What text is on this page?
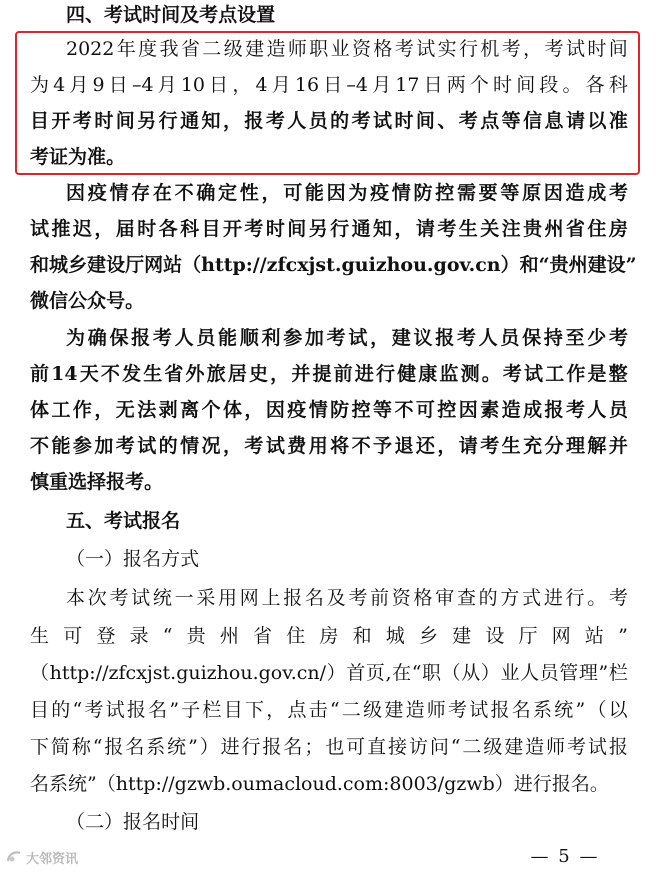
— 5 —
大邻资讯
四 、 考 试 时 间 及 考 点 设 置
2022 年 度 我 省 二 级 建 造 师 职 业 资 格 考 试 实 行 机 考 ， 考 试 时 间
为 4 月 9 日 –4 月 10 日 ， 4 月 16 日 –4 月 17 日 两 个 时 间 段 。 各 科
目 开 考 时 间 另 行 通 知 ， 报 考 人 员 的 考 试 时 间 、 考 点 等 信 息 请 以 准
考 证 为 准 。
因 疫 情 存 在 不 确 定 性 ， 可 能 因 为 疫 情 防 控 需 要 等 原 因 造 成 考
试 推 迟 ， 届 时 各 科 目 开 考 时 间 另 行 通 知 ， 请 考 生 关 注 贵 州 省 住 房
和 城 乡 建 设 厅 网 站 （ http://zfcxjst.guizhou.gov.cn ） 和 “ 贵 州 建 设 ”
微 信 公 众 号 。
为 确 保 报 考 人 员 能 顺 利 参 加 考 试 ， 建 议 报 考 人 员 保 持 至 少 考
前 14 天 不 发 生 省 外 旅 居 史 ， 并 提 前 进 行 健 康 监 测 。 考 试 工 作 是 整
体 工 作 ， 无 法 剥 离 个 体 ， 因 疫 情 防 控 等 不 可 控 因 素 造 成 报 考 人 员
不 能 参 加 考 试 的 情 况 ， 考 试 费 用 将 不 予 退 还 ， 请 考 生 充 分 理 解 并
慎 重 选 择 报 考 。
五 、 考 试 报 名
（ 一 ） 报 名 方 式
本 次 考 试 统 一 采 用 网 上 报 名 及 考 前 资 格 审 查 的 方 式 进 行 。 考
生 可 登 录 “ 贵 州 省 住 房 和 城 乡 建 设 厅 网 站 ”
（ http://zfcxjst.guizhou.gov.cn/ ） 首 页 , 在 “ 职 （ 从 ） 业 人 员 管 理 ” 栏
目 的 “ 考 试 报 名 ” 子 栏 目 下 ， 点 击 “ 二 级 建 造 师 考 试 报 名 系 统 ” （ 以
下 简 称 “ 报 名 系 统 ” ） 进 行 报 名 ； 也 可 直 接 访 问 “ 二 级 建 造 师 考 试 报
名 系 统 ” （ http://gzwb.oumacloud.com:8003/gzwb ） 进 行 报 名 。
（ 二 ） 报 名 时 间
